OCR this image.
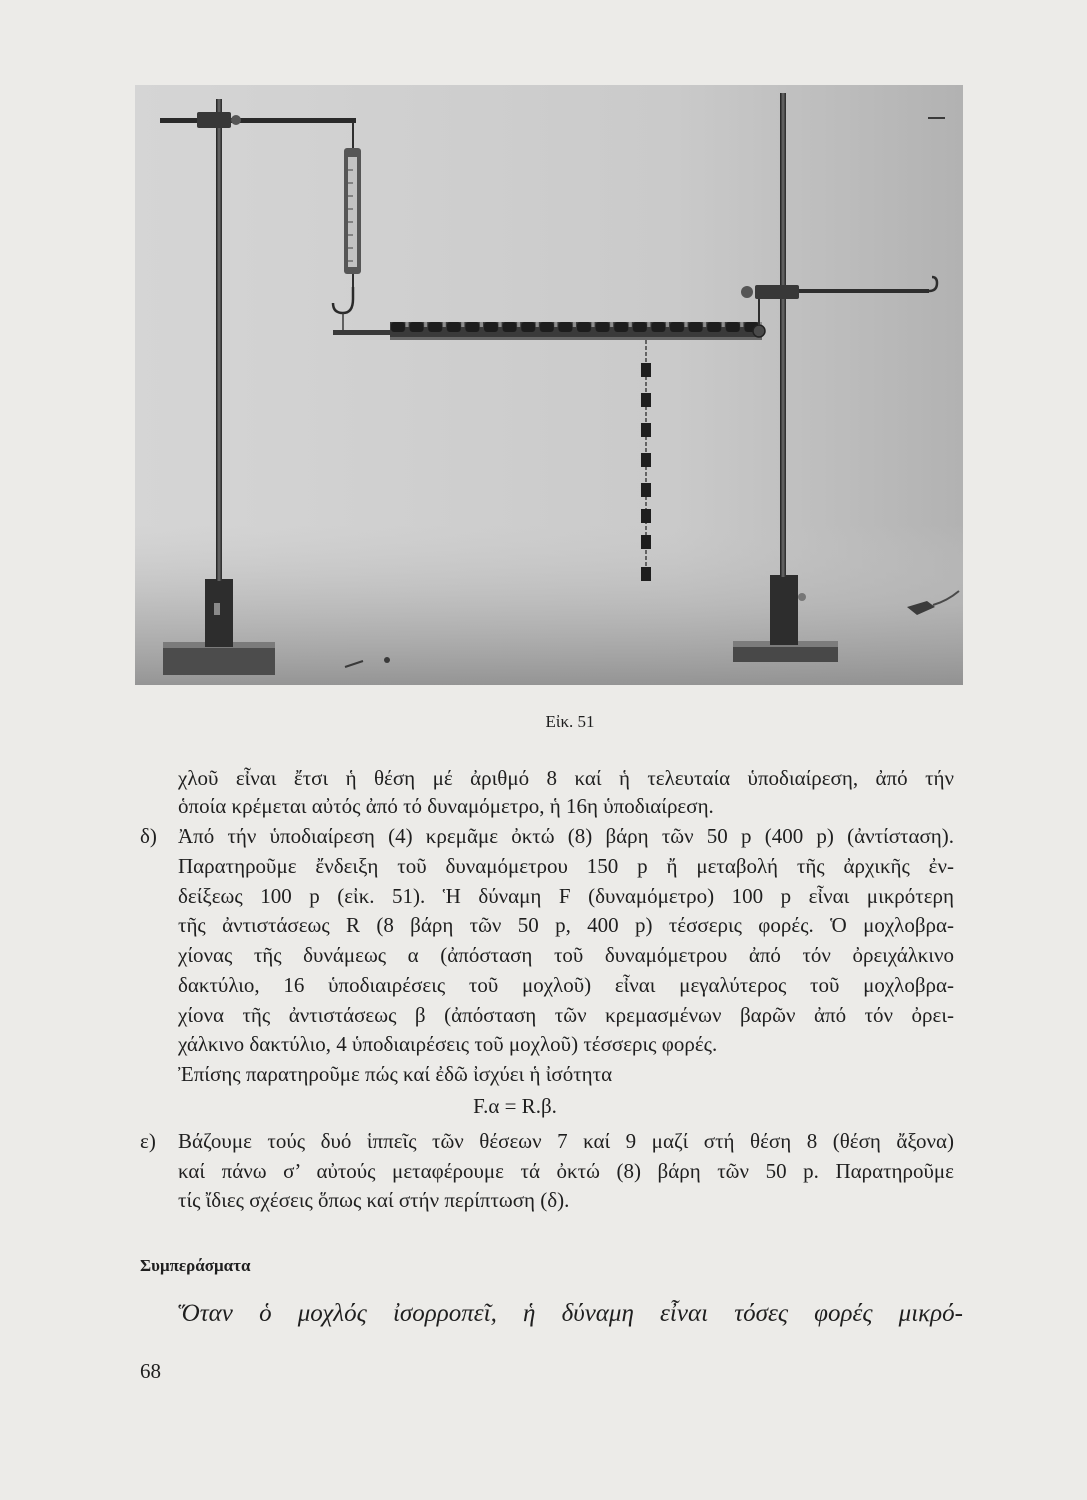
Εἰκ. 51
χλοῦ εἶναι ἔτσι ἡ θέση μέ ἀριθμό 8 καί ἡ τελευταία ὑποδιαίρεση, ἀπό τήν
ὁποία κρέμεται αὐτός ἀπό τό δυναμόμετρο, ἡ 16η ὑποδιαίρεση.
δ) Ἀπό τήν ὑποδιαίρεση (4) κρεμᾶμε ὀκτώ (8) βάρη τῶν 50 p (400 p) (ἀντίσταση).
Παρατηροῦμε ἔνδειξη τοῦ δυναμόμετρου 150 p ἤ μεταβολή τῆς ἀρχικῆς ἐν-
δείξεως 100 p (εἰκ. 51). Ἡ δύναμη F (δυναμόμετρο) 100 p εἶναι μικρότερη
τῆς ἀντιστάσεως R (8 βάρη τῶν 50 p, 400 p) τέσσερις φορές. Ὁ μοχλοβρα-
χίονας τῆς δυνάμεως α (ἀπόσταση τοῦ δυναμόμετρου ἀπό τόν ὀρειχάλκινο
δακτύλιο, 16 ὑποδιαιρέσεις τοῦ μοχλοῦ) εἶναι μεγαλύτερος τοῦ μοχλοβρα-
χίονα τῆς ἀντιστάσεως β (ἀπόσταση τῶν κρεμασμένων βαρῶν ἀπό τόν ὀρει-
χάλκινο δακτύλιο, 4 ὑποδιαιρέσεις τοῦ μοχλοῦ) τέσσερις φορές.
Ἐπίσης παρατηροῦμε πώς καί ἐδῶ ἰσχύει ἡ ἰσότητα
F.α = R.β.
ε) Βάζουμε τούς δυό ἱππεῖς τῶν θέσεων 7 καί 9 μαζί στή θέση 8 (θέση ἄξονα)
καί πάνω σ’ αὐτούς μεταφέρουμε τά ὀκτώ (8) βάρη τῶν 50 p. Παρατηροῦμε
τίς ἴδιες σχέσεις ὅπως καί στήν περίπτωση (δ).
Συμπεράσματα
Ὅταν ὁ μοχλός ἰσορροπεῖ, ἡ δύναμη εἶναι τόσες φορές μικρό-
68
